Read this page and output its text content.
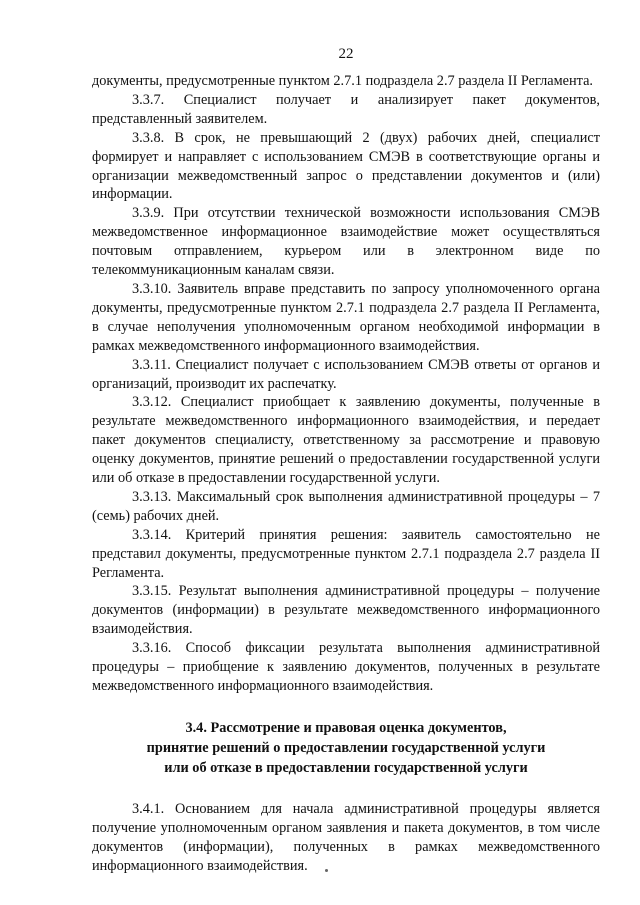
22

документы, предусмотренные пунктом 2.7.1 подраздела 2.7 раздела II Регламента.

3.3.7. Специалист получает и анализирует пакет документов, представленный заявителем.

3.3.8. В срок, не превышающий 2 (двух) рабочих дней, специалист формирует и направляет с использованием СМЭВ в соответствующие органы и организации межведомственный запрос о представлении документов и (или) информации.

3.3.9. При отсутствии технической возможности использования СМЭВ межведомственное информационное взаимодействие может осуществляться почтовым отправлением, курьером или в электронном виде по телекоммуникационным каналам связи.

3.3.10. Заявитель вправе представить по запросу уполномоченного органа документы, предусмотренные пунктом 2.7.1 подраздела 2.7 раздела II Регламента, в случае неполучения уполномоченным органом необходимой информации в рамках межведомственного информационного взаимодействия.

3.3.11. Специалист получает с использованием СМЭВ ответы от органов и организаций, производит их распечатку.

3.3.12. Специалист приобщает к заявлению документы, полученные в результате межведомственного информационного взаимодействия, и передает пакет документов специалисту, ответственному за рассмотрение и правовую оценку документов, принятие решений о предоставлении государственной услуги или об отказе в предоставлении государственной услуги.

3.3.13. Максимальный срок выполнения административной процедуры – 7 (семь) рабочих дней.

3.3.14. Критерий принятия решения: заявитель самостоятельно не представил документы, предусмотренные пунктом 2.7.1 подраздела 2.7 раздела II Регламента.

3.3.15. Результат выполнения административной процедуры – получение документов (информации) в результате межведомственного информационного взаимодействия.

3.3.16. Способ фиксации результата выполнения административной процедуры – приобщение к заявлению документов, полученных в результате межведомственного информационного взаимодействия.

3.4. Рассмотрение и правовая оценка документов,
принятие решений о предоставлении государственной услуги
или об отказе в предоставлении государственной услуги

3.4.1. Основанием для начала административной процедуры является получение уполномоченным органом заявления и пакета документов, в том числе документов (информации), полученных в рамках межведомственного информационного взаимодействия.
